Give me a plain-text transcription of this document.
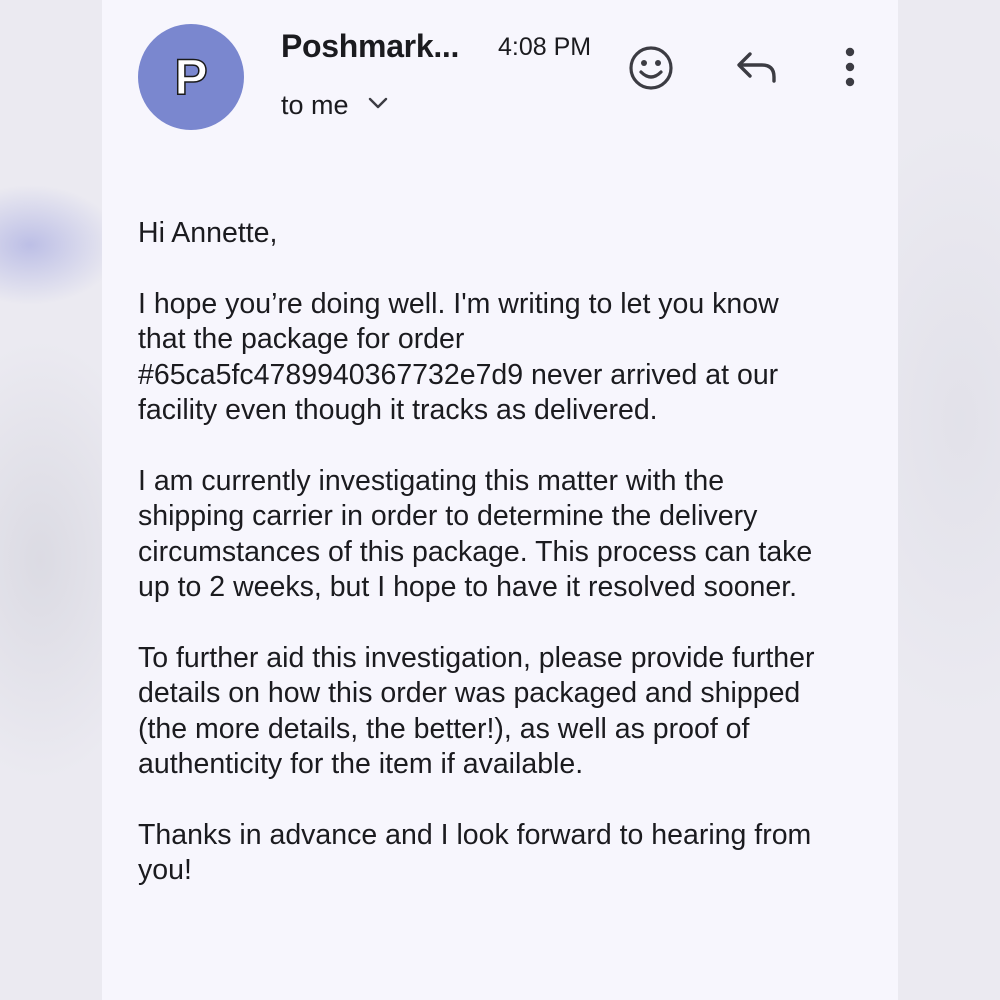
P
Poshmark... 4:08 PM
to me

Hi Annette,

I hope you’re doing well. I'm writing to let you know
that the package for order
#65ca5fc4789940367732e7d9 never arrived at our
facility even though it tracks as delivered.

I am currently investigating this matter with the
shipping carrier in order to determine the delivery
circumstances of this package. This process can take
up to 2 weeks, but I hope to have it resolved sooner.

To further aid this investigation, please provide further
details on how this order was packaged and shipped
(the more details, the better!), as well as proof of
authenticity for the item if available.

Thanks in advance and I look forward to hearing from
you!
